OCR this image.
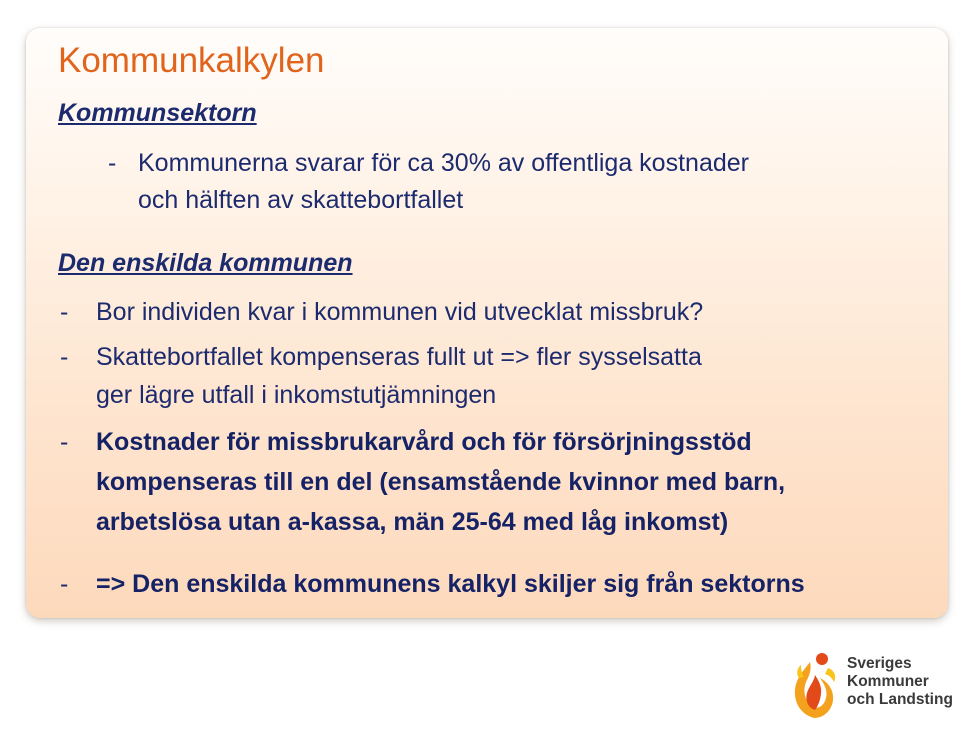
Kommunkalkylen
Kommunsektorn
- Kommunerna svarar för ca 30% av offentliga kostnader

och hälften av skattebortfallet

Den enskilda kommunen
- Bor individen kvar i kommunen vid utvecklat missbruk?

- Skattebortfallet kompenseras fullt ut => fler sysselsatta

ger lägre utfall i inkomstutjämningen

- Kostnader för missbrukarvård och för försörjningsstöd

kompenseras till en del (ensamstående kvinnor med barn,

arbetslösa utan a-kassa, män 25-64 med låg inkomst)

- => Den enskilda kommunens kalkyl skiljer sig från sektorns

Sveriges
Kommuner
och Landsting
